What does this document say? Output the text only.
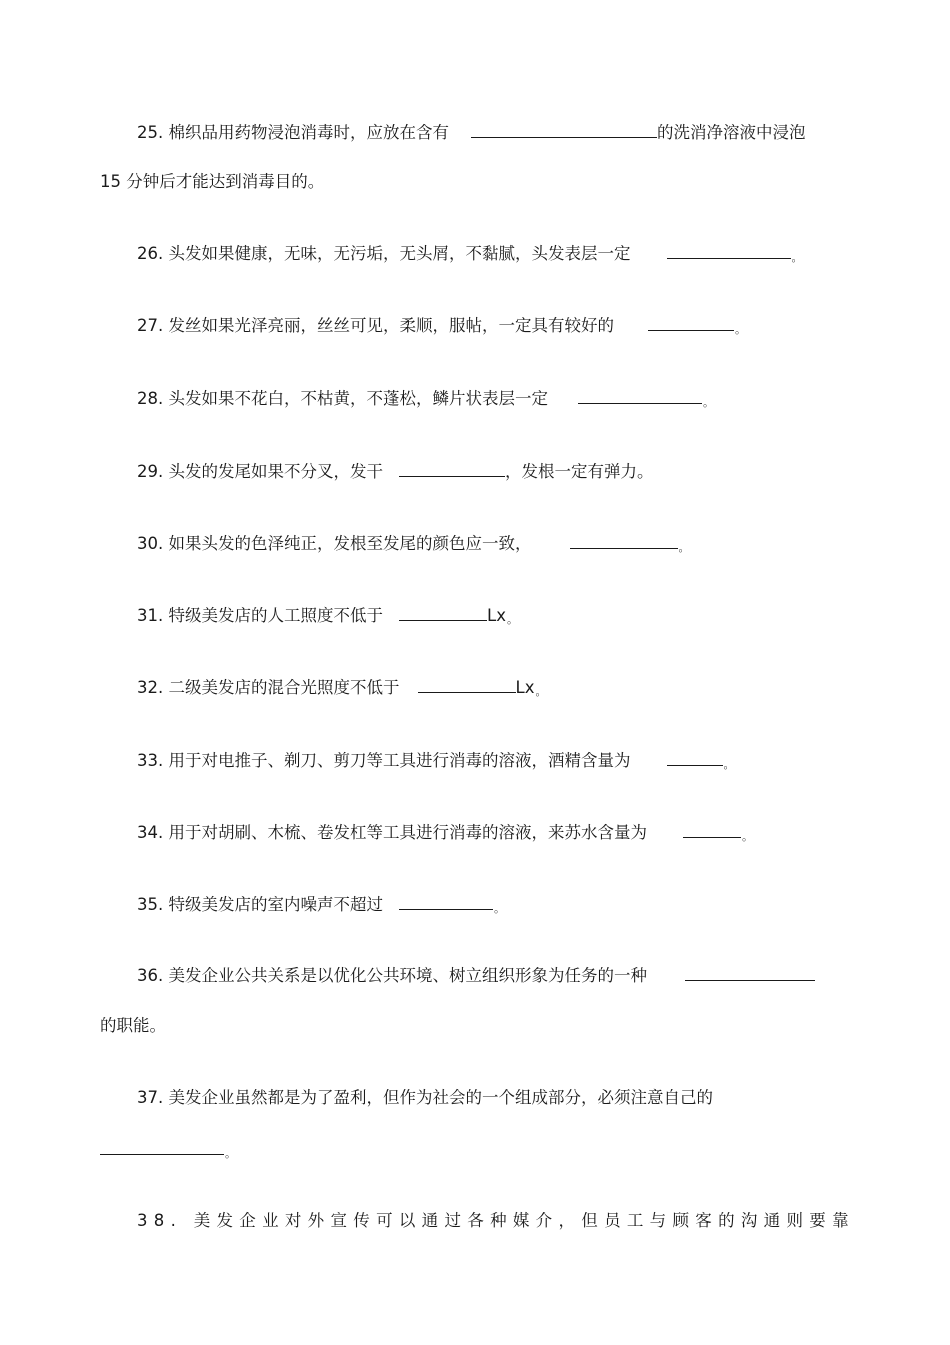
25. 棉织品用药物浸泡消毒时，应放在含有	的洗消净溶液中浸泡
15 分钟后才能达到消毒目的。
26. 头发如果健康，无味，无污垢，无头屑，不黏腻，头发表层一定	。
27. 发丝如果光泽亮丽，丝丝可见，柔顺，服帖，一定具有较好的	。
28. 头发如果不花白，不枯黄，不蓬松，鳞片状表层一定	。
29. 头发的发尾如果不分叉，发干	，发根一定有弹力。
30. 如果头发的色泽纯正，发根至发尾的颜色应一致，	。
31. 特级美发店的人工照度不低于	Lx。
32. 二级美发店的混合光照度不低于	Lx。
33. 用于对电推子、剃刀、剪刀等工具进行消毒的溶液，酒精含量为	。
34. 用于对胡刷、木梳、卷发杠等工具进行消毒的溶液，来苏水含量为	。
35. 特级美发店的室内噪声不超过	。
36. 美发企业公共关系是以优化公共环境、树立组织形象为任务的一种
的职能。
37. 美发企业虽然都是为了盈利，但作为社会的一个组成部分，必须注意自己的
。
38. 美发企业对外宣传可以通过各种媒介，但员工与顾客的沟通则要靠
